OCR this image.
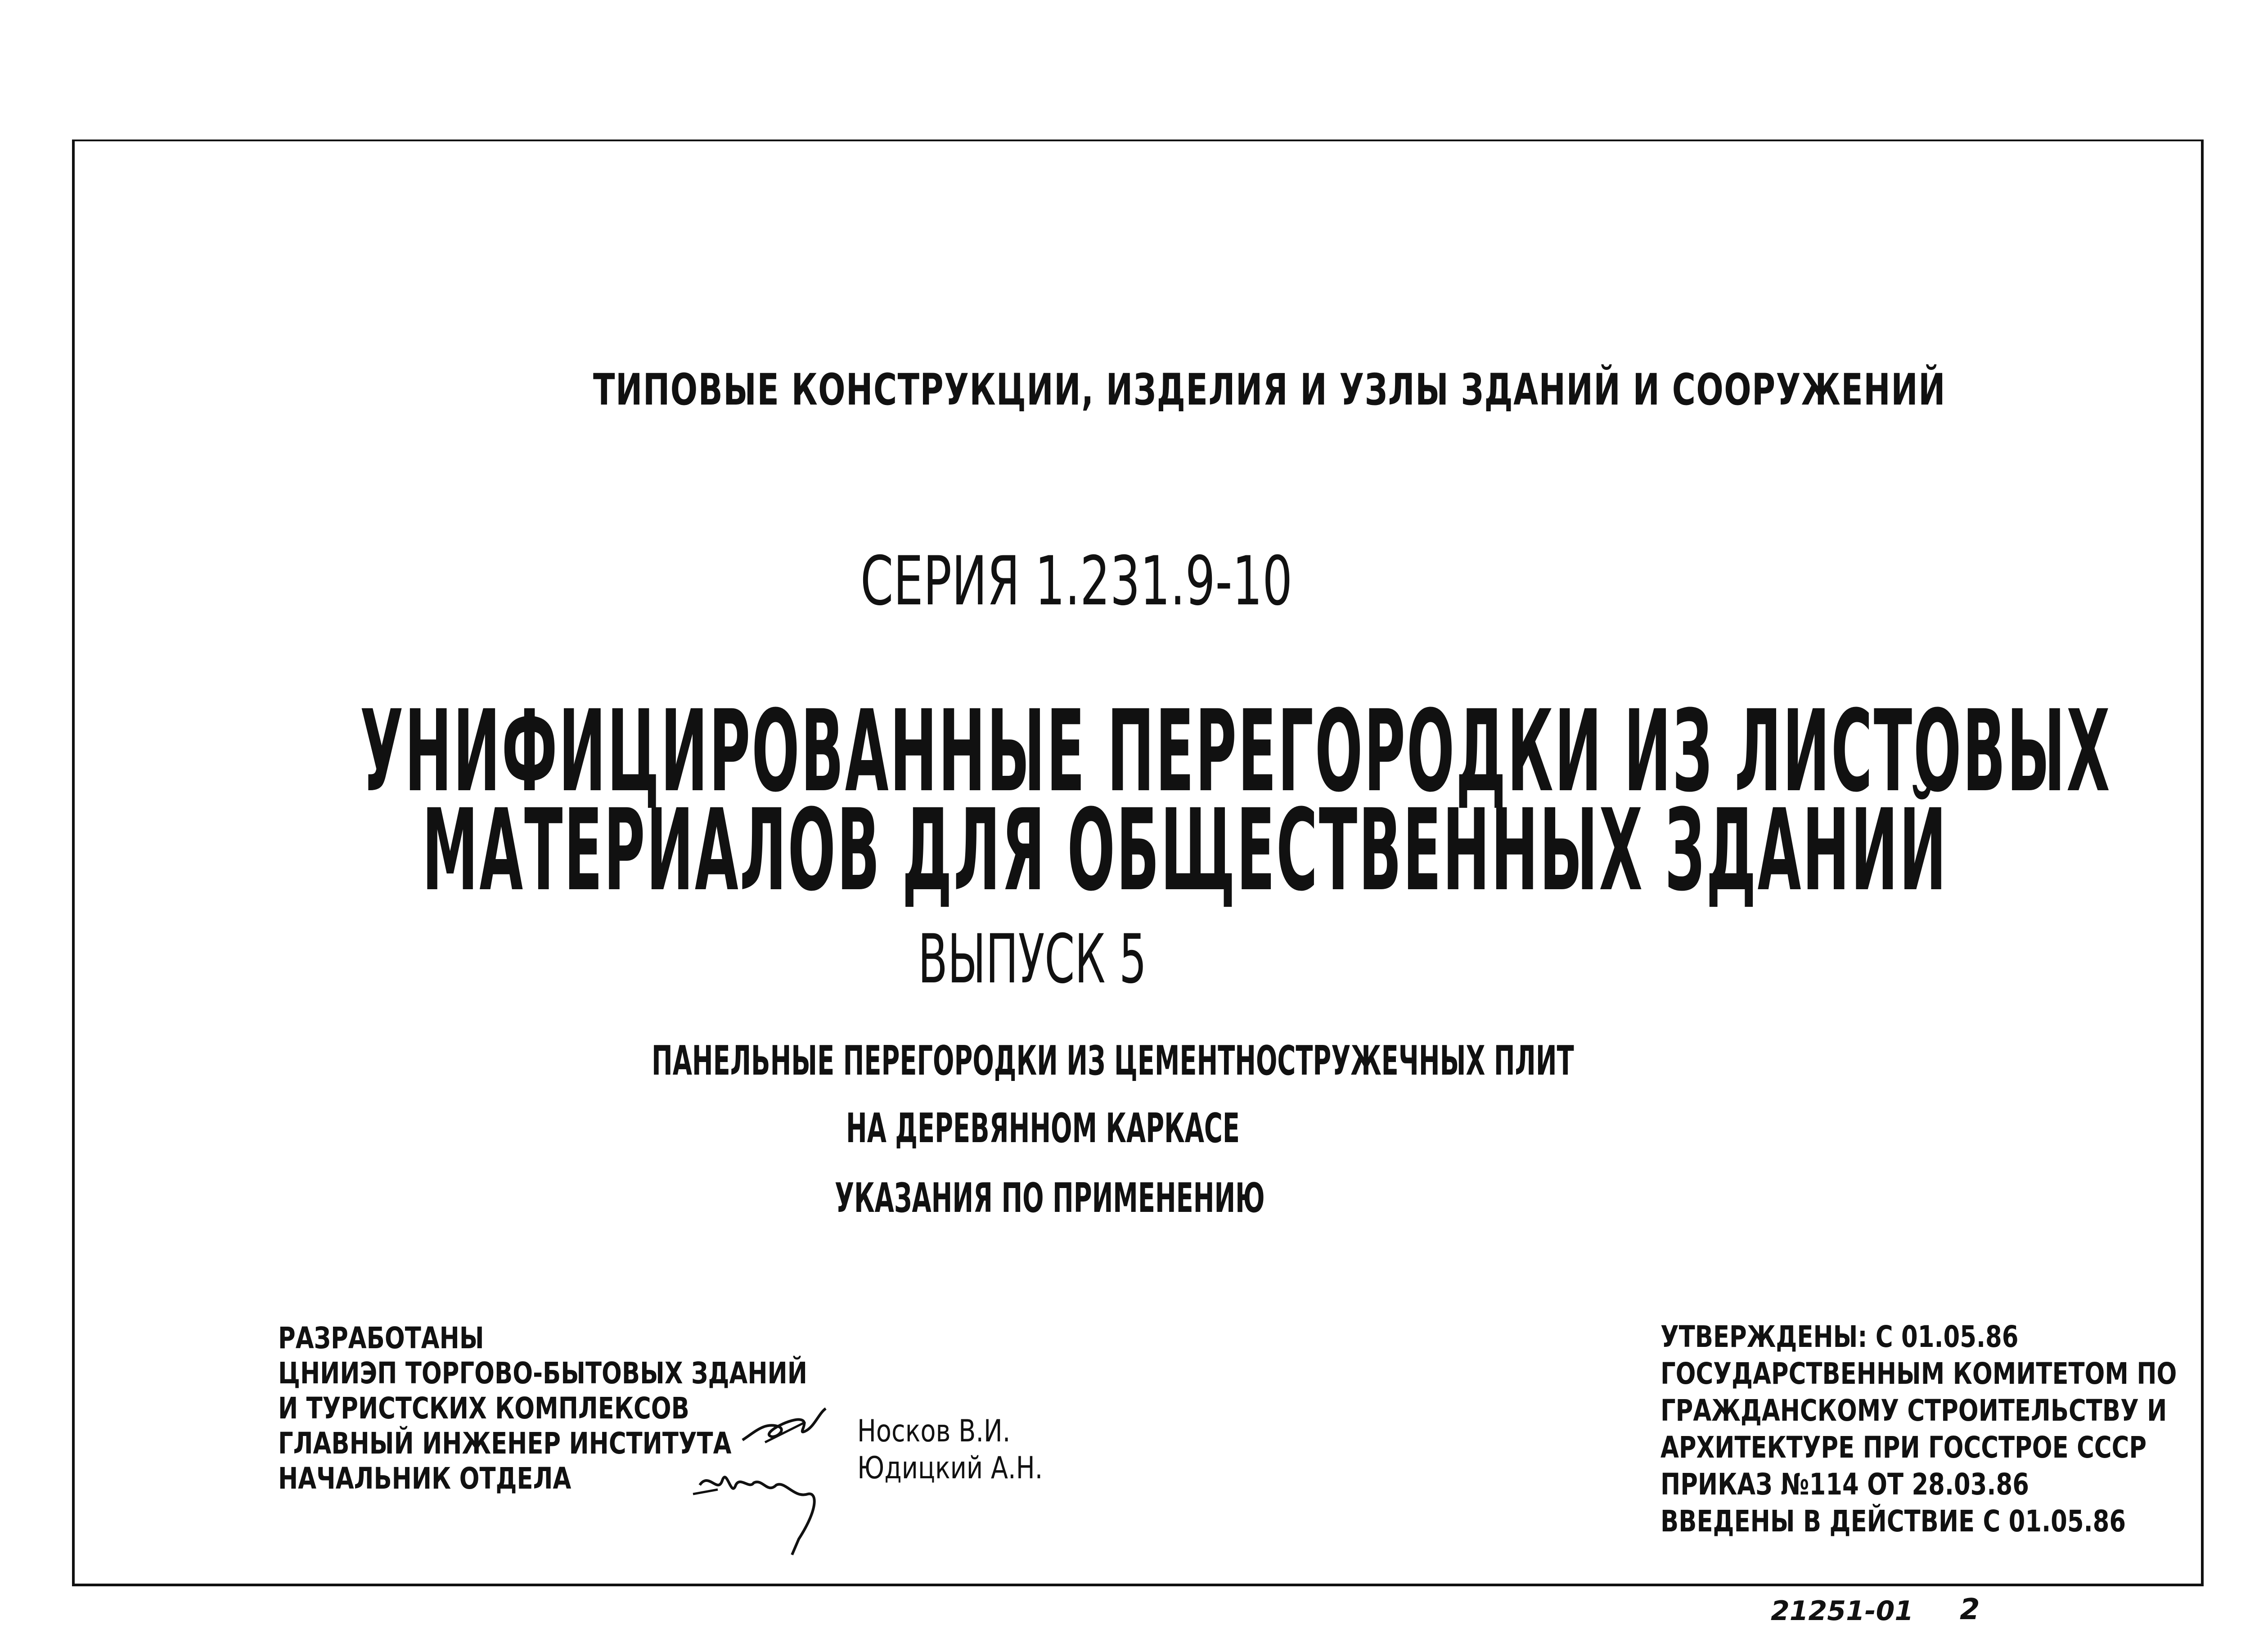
ТИПОВЫЕ КОНСТРУКЦИИ, ИЗДЕЛИЯ И УЗЛЫ ЗДАНИЙ И СООРУЖЕНИЙ
СЕРИЯ 1.231.9-10
УНИФИЦИРОВАННЫЕ ПЕРЕГОРОДКИ ИЗ ЛИСТОВЫХ
МАТЕРИАЛОВ ДЛЯ ОБЩЕСТВЕННЫХ ЗДАНИЙ
ВЫПУСК 5
ПАНЕЛЬНЫЕ ПЕРЕГОРОДКИ ИЗ ЦЕМЕНТНОСТРУЖЕЧНЫХ ПЛИТ
НА ДЕРЕВЯННОМ КАРКАСЕ
УКАЗАНИЯ ПО ПРИМЕНЕНИЮ
РАЗРАБОТАНЫ
ЦНИИЭП ТОРГОВО-БЫТОВЫХ ЗДАНИЙ
И ТУРИСТСКИХ КОМПЛЕКСОВ
ГЛАВНЫЙ ИНЖЕНЕР ИНСТИТУТА
НАЧАЛЬНИК ОТДЕЛА
Носков В.И.
Юдицкий А.Н.
УТВЕРЖДЕНЫ: С 01.05.86
ГОСУДАРСТВЕННЫМ КОМИТЕТОМ ПО
ГРАЖДАНСКОМУ СТРОИТЕЛЬСТВУ И
АРХИТЕКТУРЕ ПРИ ГОССТРОЕ СССР
ПРИКАЗ №114 ОТ 28.03.86
ВВЕДЕНЫ В ДЕЙСТВИЕ С 01.05.86
21251-01 2
